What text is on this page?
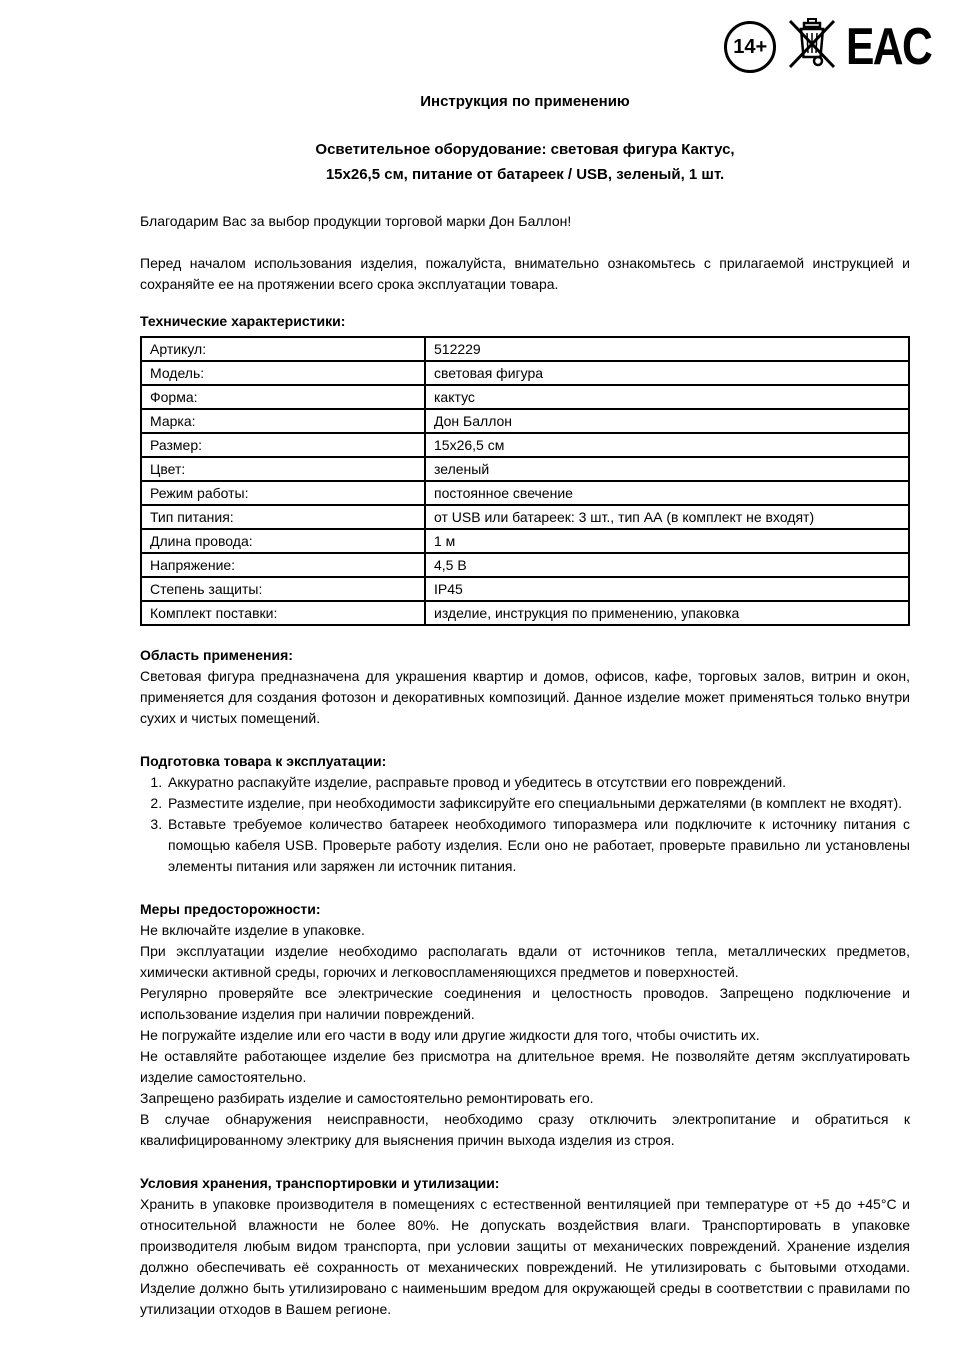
14+ EAC
Инструкция по применению
Осветительное оборудование: световая фигура Кактус,
15х26,5 см, питание от батареек / USB, зеленый, 1 шт.

Благодарим Вас за выбор продукции торговой марки Дон Баллон!

Перед началом использования изделия, пожалуйста, внимательно ознакомьтесь с прилагаемой инструкцией и сохраняйте ее на протяжении всего срока эксплуатации товара.

Технические характеристики:

Артикул:	512229
Модель:	световая фигура
Форма:	кактус
Марка:	Дон Баллон
Размер:	15х26,5 см
Цвет:	зеленый
Режим работы:	постоянное свечение
Тип питания:	от USB или батареек: 3 шт., тип АА (в комплект не входят)
Длина провода:	1 м
Напряжение:	4,5 В
Степень защиты:	IP45
Комплект поставки:	изделие, инструкция по применению, упаковка

Область применения:

Световая фигура предназначена для украшения квартир и домов, офисов, кафе, торговых залов, витрин и окон, применяется для создания фотозон и декоративных композиций. Данное изделие может применяться только внутри сухих и чистых помещений.

Подготовка товара к эксплуатации:

1. Аккуратно распакуйте изделие, расправьте провод и убедитесь в отсутствии его повреждений.
2. Разместите изделие, при необходимости зафиксируйте его специальными держателями (в комплект не входят).
3. Вставьте требуемое количество батареек необходимого типоразмера или подключите к источнику питания с помощью кабеля USB. Проверьте работу изделия. Если оно не работает, проверьте правильно ли установлены элементы питания или заряжен ли источник питания.

Меры предосторожности:

Не включайте изделие в упаковке.

При эксплуатации изделие необходимо располагать вдали от источников тепла, металлических предметов, химически активной среды, горючих и легковоспламеняющихся предметов и поверхностей.

Регулярно проверяйте все электрические соединения и целостность проводов. Запрещено подключение и использование изделия при наличии повреждений.

Не погружайте изделие или его части в воду или другие жидкости для того, чтобы очистить их.

Не оставляйте работающее изделие без присмотра на длительное время. Не позволяйте детям эксплуатировать изделие самостоятельно.

Запрещено разбирать изделие и самостоятельно ремонтировать его.

В случае обнаружения неисправности, необходимо сразу отключить электропитание и обратиться к квалифицированному электрику для выяснения причин выхода изделия из строя.

Условия хранения, транспортировки и утилизации:

Хранить в упаковке производителя в помещениях с естественной вентиляцией при температуре от +5 до +45°С и относительной влажности не более 80%. Не допускать воздействия влаги. Транспортировать в упаковке производителя любым видом транспорта, при условии защиты от механических повреждений. Хранение изделия должно обеспечивать её сохранность от механических повреждений. Не утилизировать с бытовыми отходами. Изделие должно быть утилизировано с наименьшим вредом для окружающей среды в соответствии с правилами по утилизации отходов в Вашем регионе.
